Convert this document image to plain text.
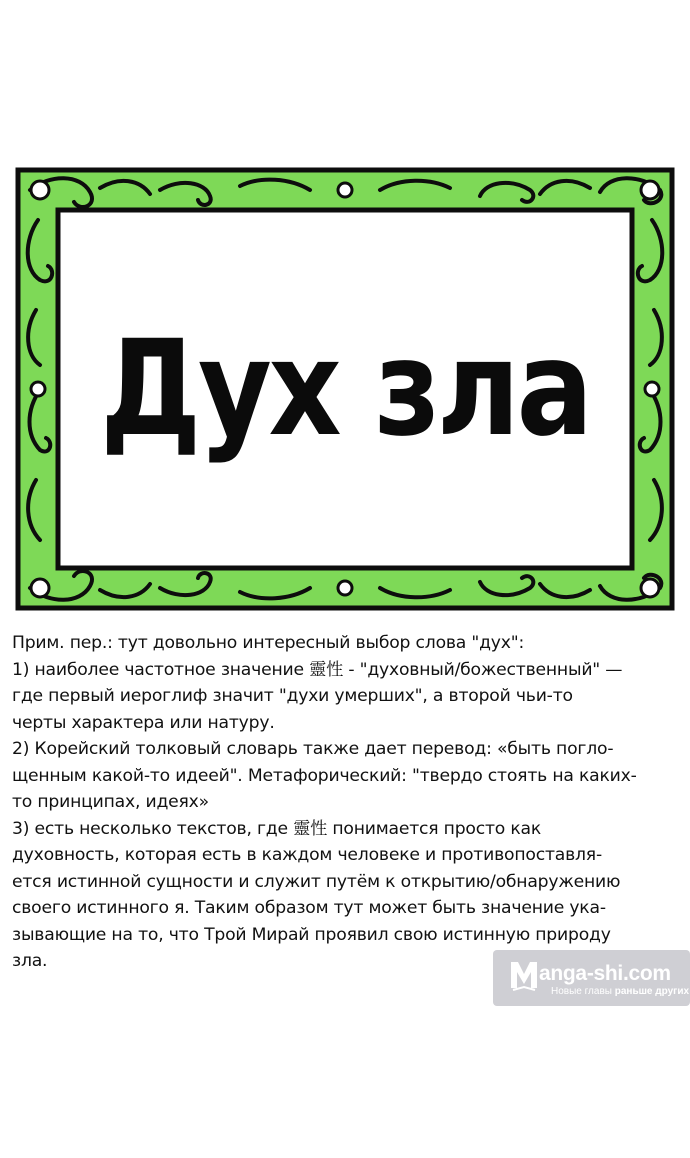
Дух зла
Прим. пер.: тут довольно интересный выбор слова "дух":
1) наиболее частотное значение 靈性 - "духовный/божественный" —
где первый иероглиф значит "духи умерших", а второй чьи-то
черты характера или натуру.
2) Корейский толковый словарь также дает перевод: «быть погло-
щенным какой-то идеей". Метафорический: "твердо стоять на каких-
то принципах, идеях»
3) есть несколько текстов, где 靈性 понимается просто как
духовность, которая есть в каждом человеке и противопоставля-
ется истинной сущности и служит путём к открытию/обнаружению
своего истинного я. Таким образом тут может быть значение ука-
зывающие на то, что Трой Мирай проявил свою истинную природу
зла.
anga-shi.com
Новые главы раньше других
